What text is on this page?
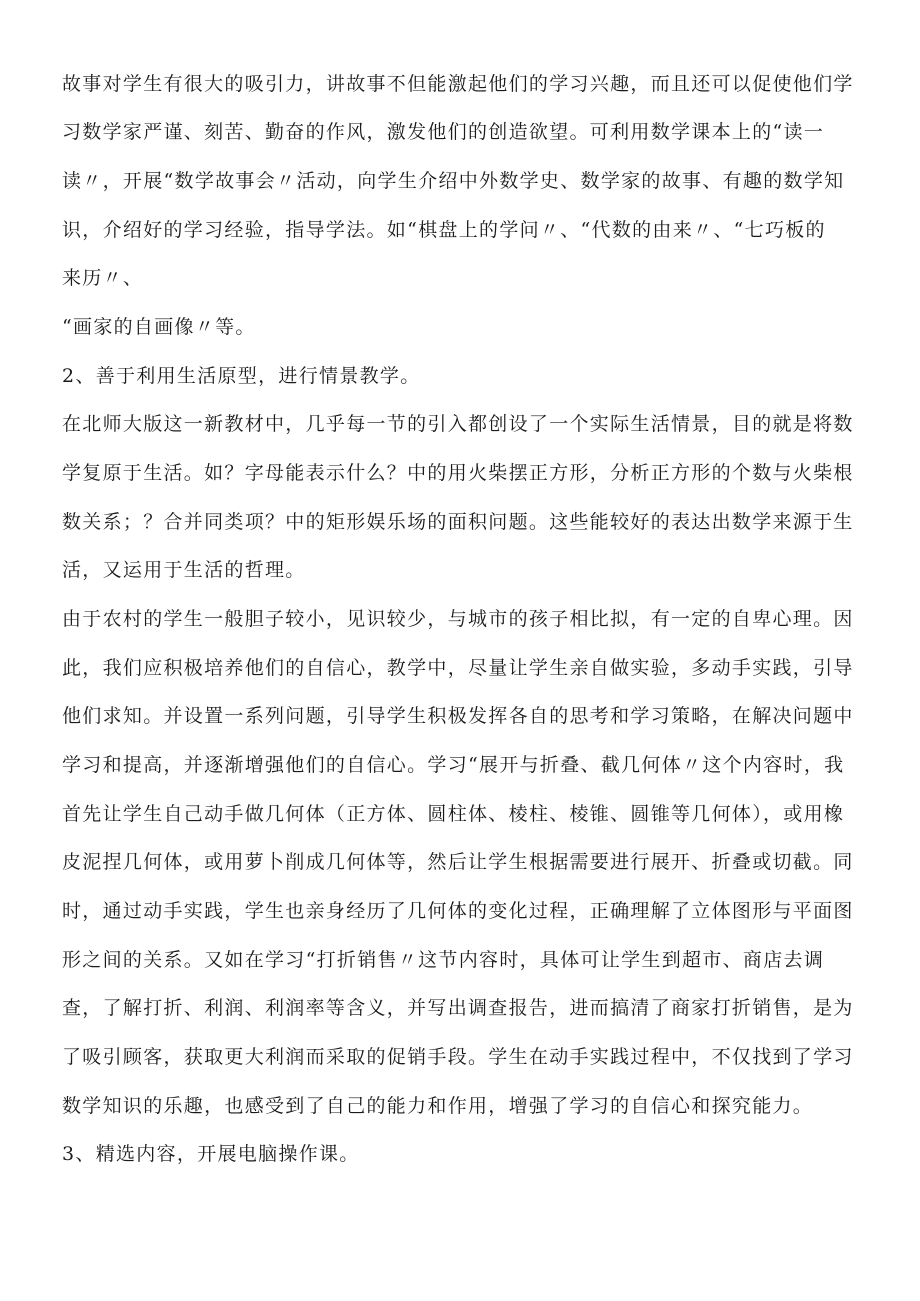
故事对学生有很大的吸引力，讲故事不但能激起他们的学习兴趣，而且还可以促使他们学
习数学家严谨、刻苦、勤奋的作风，激发他们的创造欲望。可利用数学课本上的“读一
读〃，开展“数学故事会〃活动，向学生介绍中外数学史、数学家的故事、有趣的数学知
识，介绍好的学习经验，指导学法。如“棋盘上的学问〃、“代数的由来〃、“七巧板的
来历〃、
“画家的自画像〃等。
2、善于利用生活原型，进行情景教学。
在北师大版这一新教材中，几乎每一节的引入都创设了一个实际生活情景，目的就是将数
学复原于生活。如？字母能表示什么？中的用火柴摆正方形，分析正方形的个数与火柴根
数关系；？合并同类项？中的矩形娱乐场的面积问题。这些能较好的表达出数学来源于生
活，又运用于生活的哲理。
由于农村的学生一般胆子较小，见识较少，与城市的孩子相比拟，有一定的自卑心理。因
此，我们应积极培养他们的自信心，教学中，尽量让学生亲自做实验，多动手实践，引导
他们求知。并设置一系列问题，引导学生积极发挥各自的思考和学习策略，在解决问题中
学习和提高，并逐渐增强他们的自信心。学习“展开与折叠、截几何体〃这个内容时，我
首先让学生自己动手做几何体（正方体、圆柱体、棱柱、棱锥、圆锥等几何体），或用橡
皮泥捏几何体，或用萝卜削成几何体等，然后让学生根据需要进行展开、折叠或切截。同
时，通过动手实践，学生也亲身经历了几何体的变化过程，正确理解了立体图形与平面图
形之间的关系。又如在学习“打折销售〃这节内容时，具体可让学生到超市、商店去调
查，了解打折、利润、利润率等含义，并写出调查报告，进而搞清了商家打折销售，是为
了吸引顾客，获取更大利润而采取的促销手段。学生在动手实践过程中，不仅找到了学习
数学知识的乐趣，也感受到了自己的能力和作用，增强了学习的自信心和探究能力。
3、精选内容，开展电脑操作课。
